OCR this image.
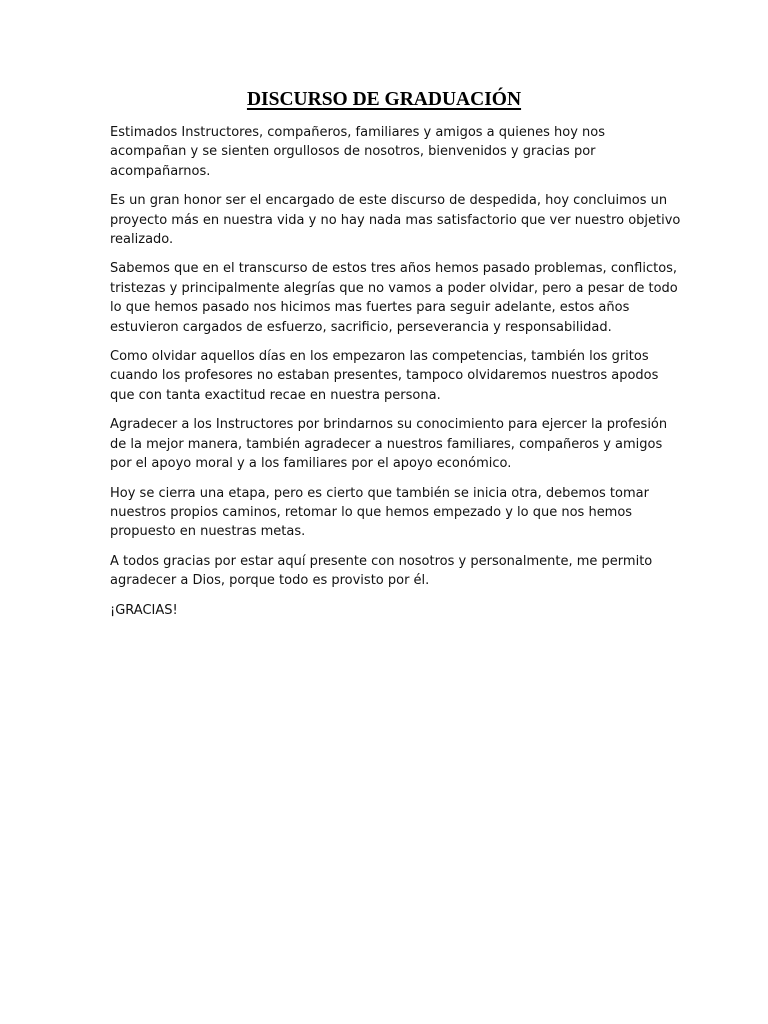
DISCURSO DE GRADUACIÓN

Estimados Instructores, compañeros, familiares y amigos a quienes hoy nos
acompañan y se sienten orgullosos de nosotros, bienvenidos y gracias por
acompañarnos.

Es un gran honor ser el encargado de este discurso de despedida, hoy concluimos un
proyecto más en nuestra vida y no hay nada mas satisfactorio que ver nuestro objetivo
realizado.

Sabemos que en el transcurso de estos tres años hemos pasado problemas, conflictos,
tristezas y principalmente alegrías que no vamos a poder olvidar, pero a pesar de todo
lo que hemos pasado nos hicimos mas fuertes para seguir adelante, estos años
estuvieron cargados de esfuerzo, sacrificio, perseverancia y responsabilidad.

Como olvidar aquellos días en los empezaron las competencias, también los gritos
cuando los profesores no estaban presentes, tampoco olvidaremos nuestros apodos
que con tanta exactitud recae en nuestra persona.

Agradecer a los Instructores por brindarnos su conocimiento para ejercer la profesión
de la mejor manera, también agradecer a nuestros familiares, compañeros y amigos
por el apoyo moral y a los familiares por el apoyo económico.

Hoy se cierra una etapa, pero es cierto que también se inicia otra, debemos tomar
nuestros propios caminos, retomar lo que hemos empezado y lo que nos hemos
propuesto en nuestras metas.

A todos gracias por estar aquí presente con nosotros y personalmente, me permito
agradecer a Dios, porque todo es provisto por él.

¡GRACIAS!
